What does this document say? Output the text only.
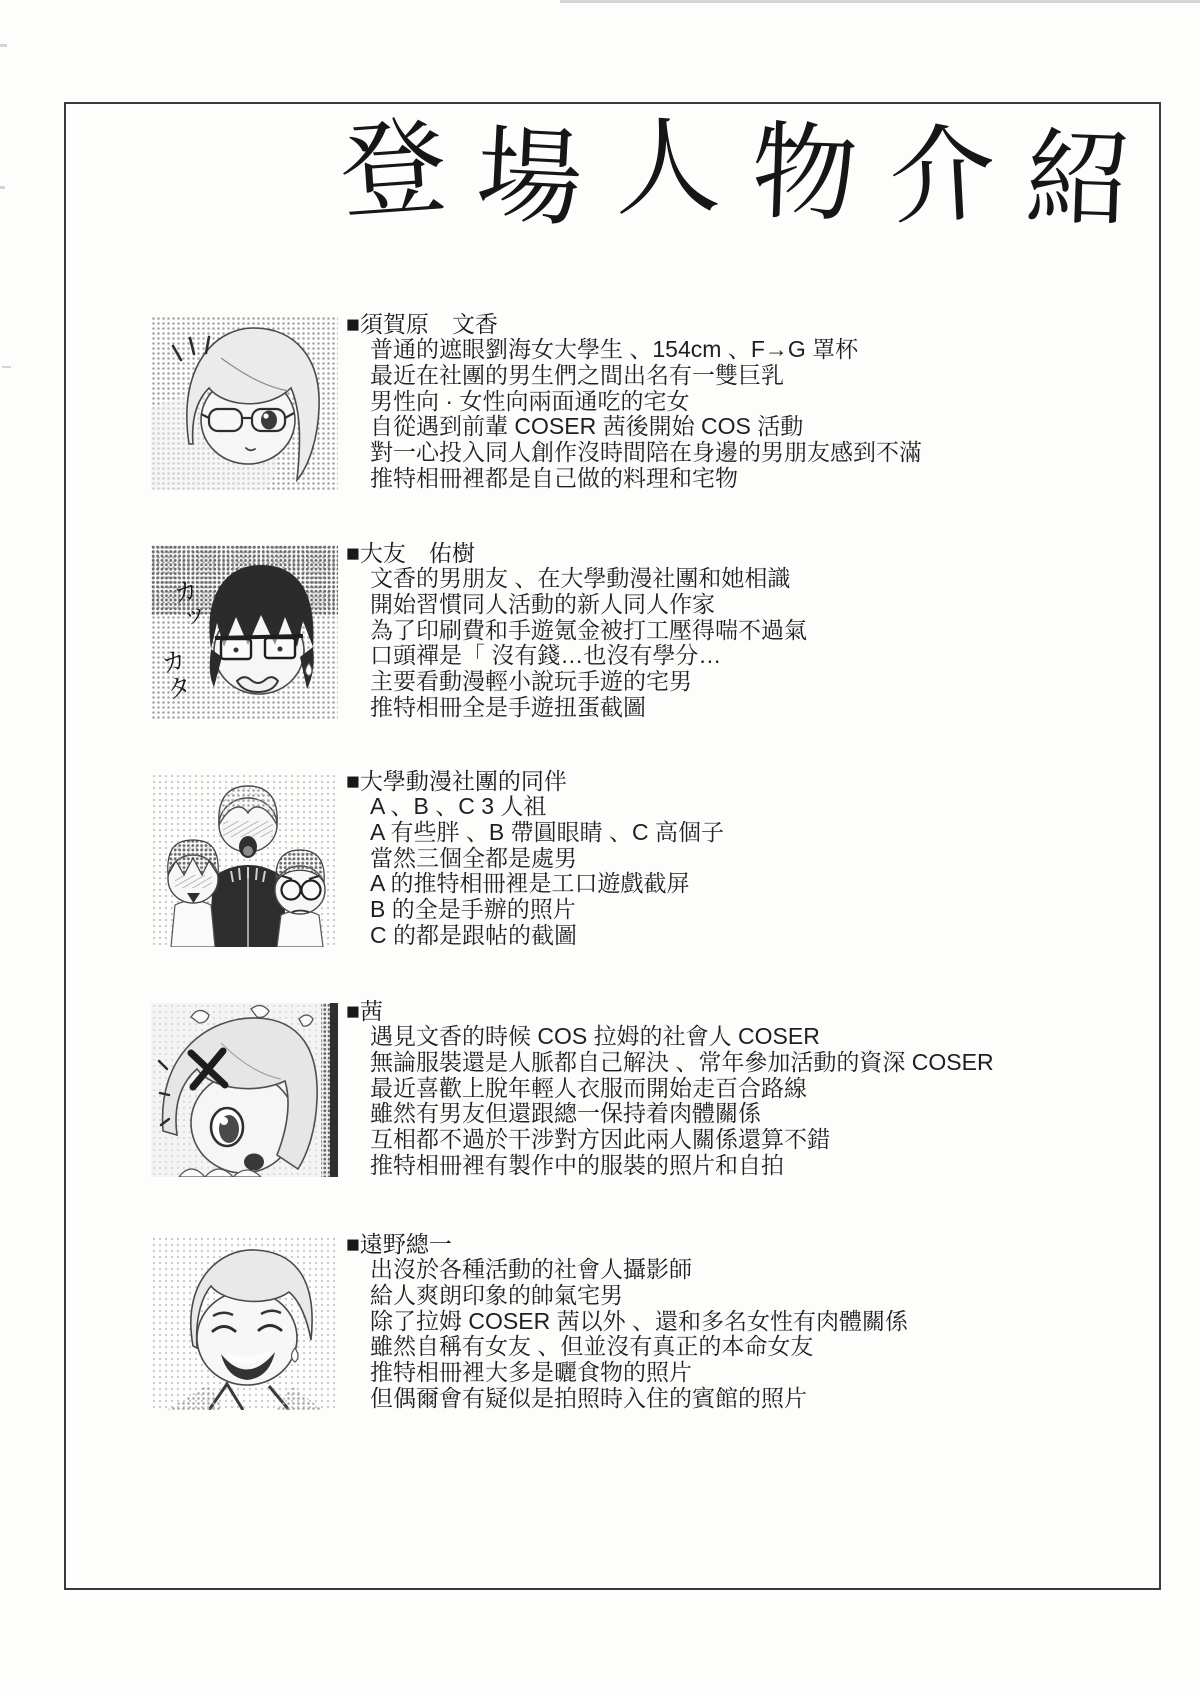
登 場 人 物 介 紹
■須賀原　文香
普通的遮眼劉海女大學生 、154cm 、F→G 罩杯
最近在社團的男生們之間出名有一雙巨乳
男性向 · 女性向兩面通吃的宅女
自從遇到前輩 COSER 茜後開始 COS 活動
對一心投入同人創作沒時間陪在身邊的男朋友感到不滿
推特相冊裡都是自己做的料理和宅物
カッ
カタ
■大友　佑樹
文香的男朋友 、在大學動漫社團和她相識
開始習慣同人活動的新人同人作家
為了印刷費和手遊氪金被打工壓得喘不過氣
口頭禪是「 沒有錢…也沒有學分…
主要看動漫輕小說玩手遊的宅男
推特相冊全是手遊扭蛋截圖
■大學動漫社團的同伴
A 、B 、C 3 人祖
A 有些胖 、B 帶圓眼睛 、C 高個子
當然三個全都是處男
A 的推特相冊裡是工口遊戲截屏
B 的全是手辦的照片
C 的都是跟帖的截圖
■茜
遇見文香的時候 COS 拉姆的社會人 COSER
無論服裝還是人脈都自己解決 、常年參加活動的資深 COSER
最近喜歡上脫年輕人衣服而開始走百合路線
雖然有男友但還跟總一保持着肉體關係
互相都不過於干涉對方因此兩人關係還算不錯
推特相冊裡有製作中的服裝的照片和自拍
■遠野總一
出沒於各種活動的社會人攝影師
給人爽朗印象的帥氣宅男
除了拉姆 COSER 茜以外 、還和多名女性有肉體關係
雖然自稱有女友 、但並沒有真正的本命女友
推特相冊裡大多是曬食物的照片
但偶爾會有疑似是拍照時入住的賓館的照片
